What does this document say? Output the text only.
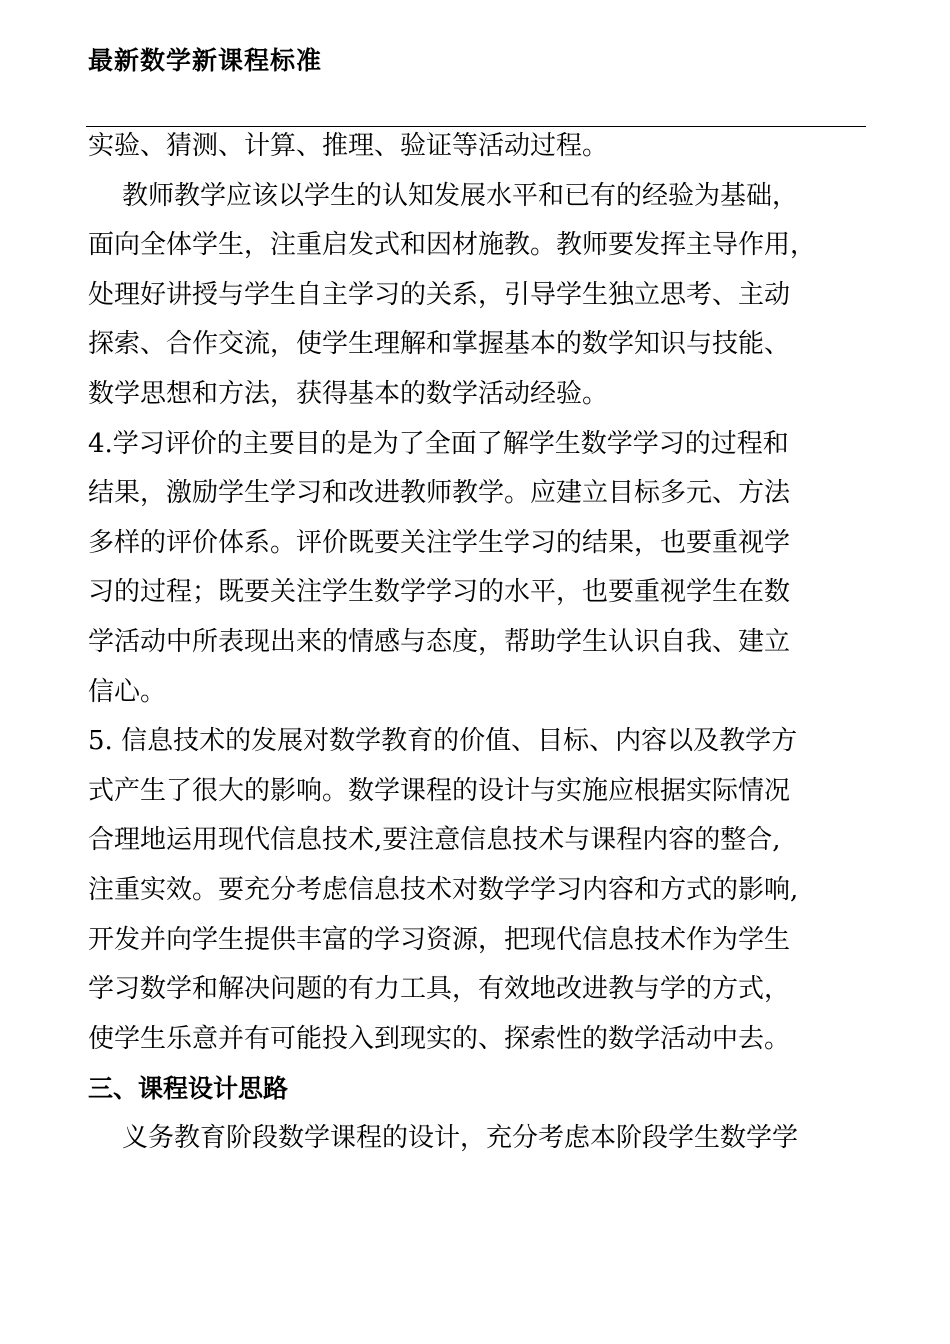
最新数学新课程标准
实验、猜测、计算、推理、验证等活动过程。
教师教学应该以学生的认知发展水平和已有的经验为基础，
面向全体学生，注重启发式和因材施教。教师要发挥主导作用，
处理好讲授与学生自主学习的关系，引导学生独立思考、主动
探索、合作交流，使学生理解和掌握基本的数学知识与技能、
数学思想和方法，获得基本的数学活动经验。
4.学习评价的主要目的是为了全面了解学生数学学习的过程和
结果，激励学生学习和改进教师教学。应建立目标多元、方法
多样的评价体系。评价既要关注学生学习的结果，也要重视学
习的过程；既要关注学生数学学习的水平，也要重视学生在数
学活动中所表现出来的情感与态度，帮助学生认识自我、建立
信心。
5. 信息技术的发展对数学教育的价值、目标、内容以及教学方
式产生了很大的影响。数学课程的设计与实施应根据实际情况
合理地运用现代信息技术,要注意信息技术与课程内容的整合,
注重实效。要充分考虑信息技术对数学学习内容和方式的影响,
开发并向学生提供丰富的学习资源，把现代信息技术作为学生
学习数学和解决问题的有力工具，有效地改进教与学的方式，
使学生乐意并有可能投入到现实的、探索性的数学活动中去。
三、课程设计思路
义务教育阶段数学课程的设计，充分考虑本阶段学生数学学
